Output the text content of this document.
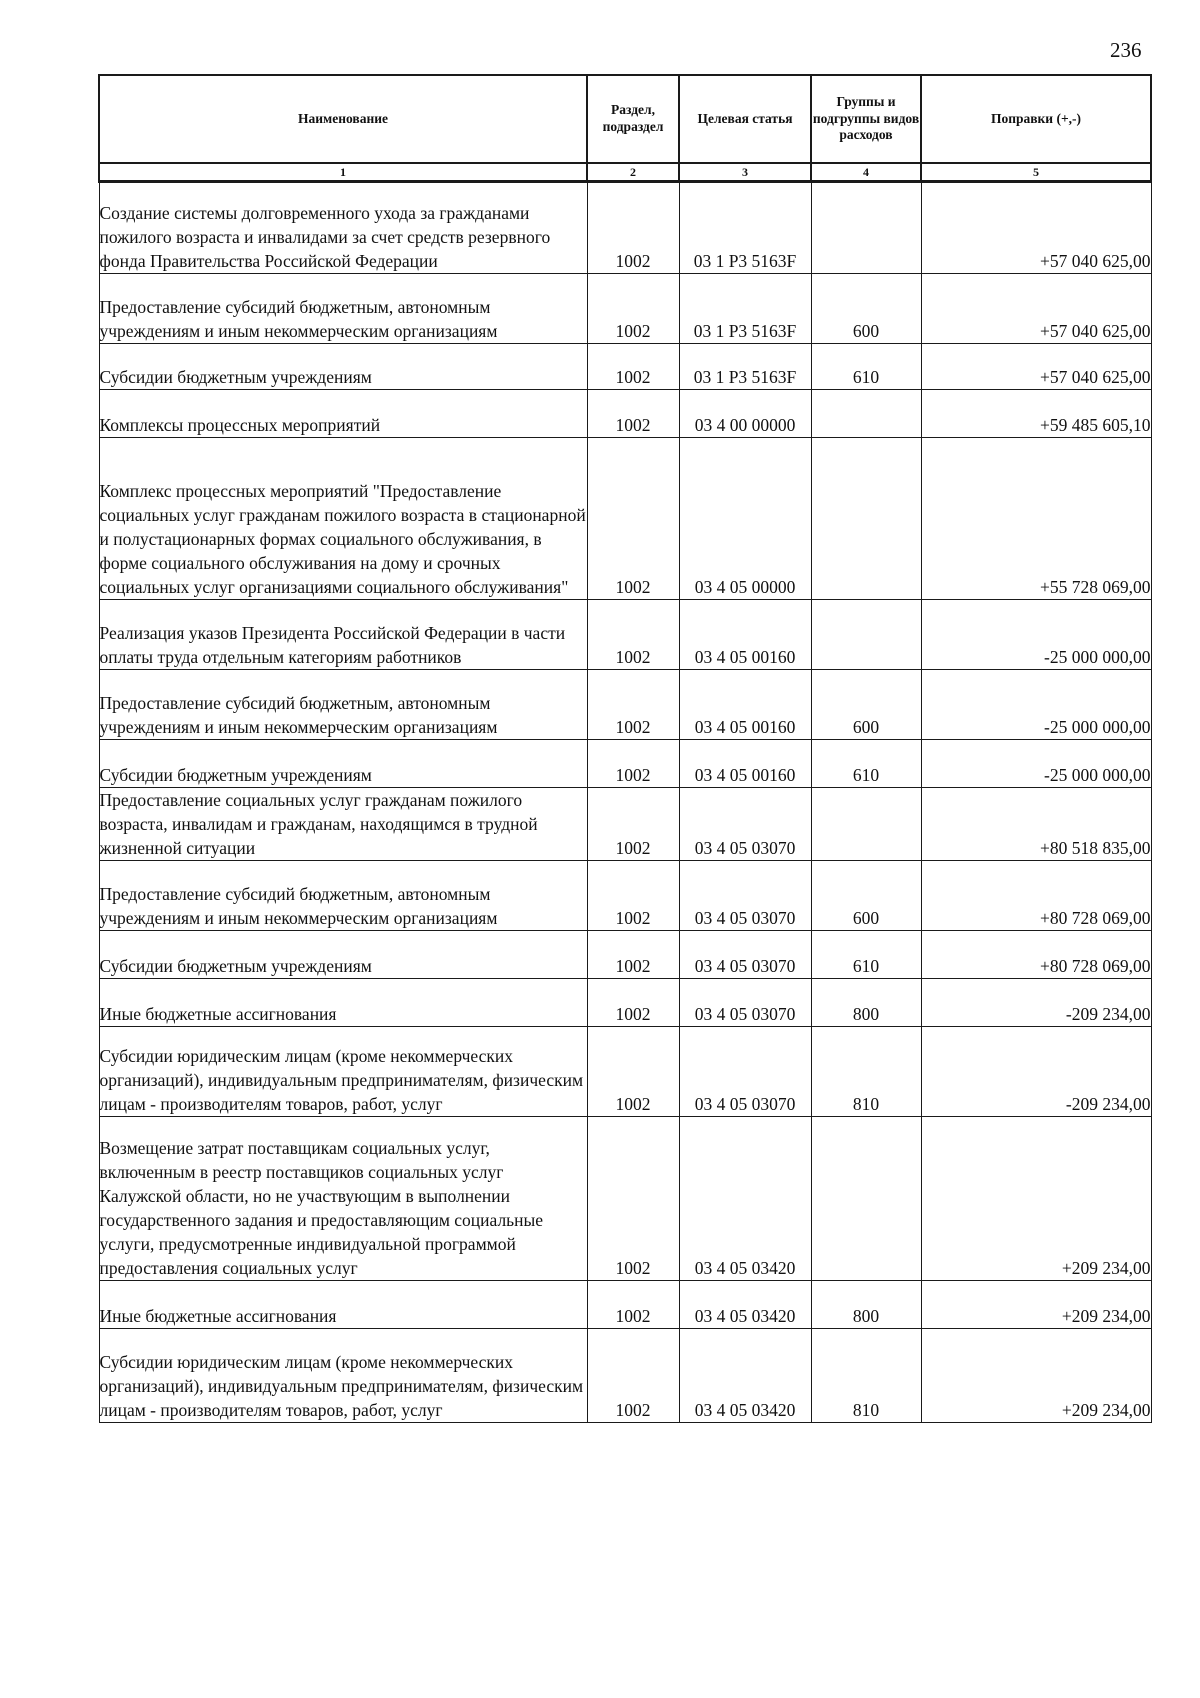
236
Наименование	Раздел, подраздел	Целевая статья	Группы и подгруппы видов расходов	Поправки (+,-)
1	2	3	4	5
Создание системы долговременного ухода за гражданами пожилого возраста и инвалидами за счет средств резервного фонда Правительства Российской Федерации	1002	03 1 P3 5163F		+57 040 625,00
Предоставление субсидий бюджетным, автономным учреждениям и иным некоммерческим организациям	1002	03 1 P3 5163F	600	+57 040 625,00
Субсидии бюджетным учреждениям	1002	03 1 P3 5163F	610	+57 040 625,00
Комплексы процессных мероприятий	1002	03 4 00 00000		+59 485 605,10
Комплекс процессных мероприятий "Предоставление социальных услуг гражданам пожилого возраста в стационарной и полустационарных формах социального обслуживания, в форме социального обслуживания на дому и срочных социальных услуг организациями социального обслуживания"	1002	03 4 05 00000		+55 728 069,00
Реализация указов Президента Российской Федерации в части оплаты труда отдельным категориям работников	1002	03 4 05 00160		-25 000 000,00
Предоставление субсидий бюджетным, автономным учреждениям и иным некоммерческим организациям	1002	03 4 05 00160	600	-25 000 000,00
Субсидии бюджетным учреждениям	1002	03 4 05 00160	610	-25 000 000,00
Предоставление социальных услуг гражданам пожилого возраста, инвалидам и гражданам, находящимся в трудной жизненной ситуации	1002	03 4 05 03070		+80 518 835,00
Предоставление субсидий бюджетным, автономным учреждениям и иным некоммерческим организациям	1002	03 4 05 03070	600	+80 728 069,00
Субсидии бюджетным учреждениям	1002	03 4 05 03070	610	+80 728 069,00
Иные бюджетные ассигнования	1002	03 4 05 03070	800	-209 234,00
Субсидии юридическим лицам (кроме некоммерческих организаций), индивидуальным предпринимателям, физическим лицам - производителям товаров, работ, услуг	1002	03 4 05 03070	810	-209 234,00
Возмещение затрат поставщикам социальных услуг, включенным в реестр поставщиков социальных услуг Калужской области, но не участвующим в выполнении государственного задания и предоставляющим социальные услуги, предусмотренные индивидуальной программой предоставления социальных услуг	1002	03 4 05 03420		+209 234,00
Иные бюджетные ассигнования	1002	03 4 05 03420	800	+209 234,00
Субсидии юридическим лицам (кроме некоммерческих организаций), индивидуальным предпринимателям, физическим лицам - производителям товаров, работ, услуг	1002	03 4 05 03420	810	+209 234,00
